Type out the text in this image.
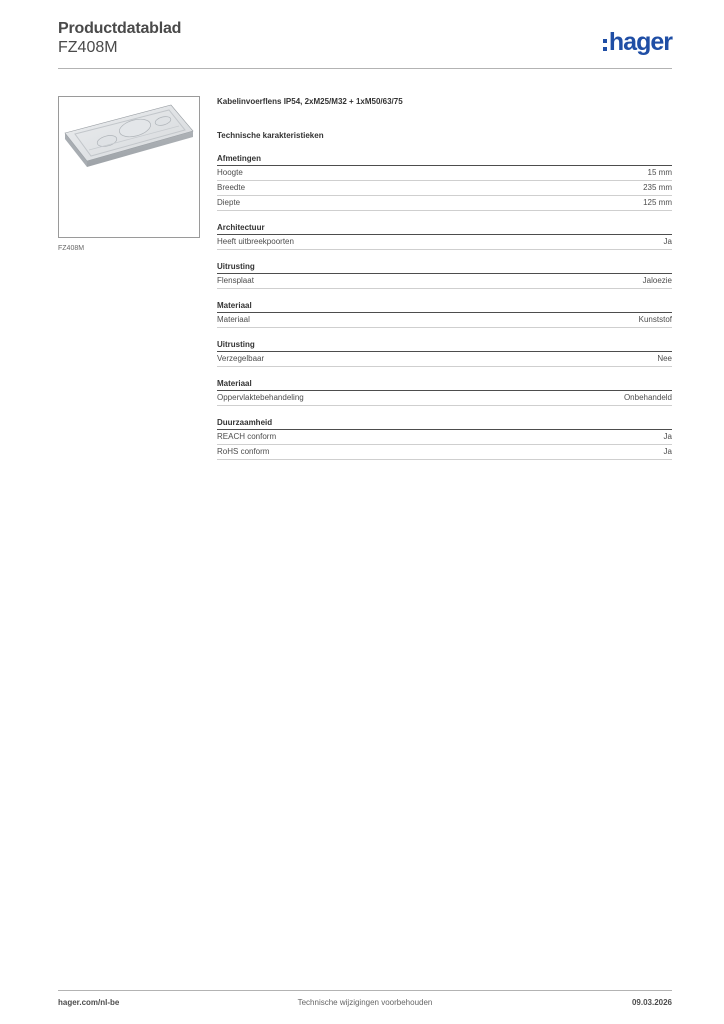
Productdatablad
FZ408M	hager
FZ408M
Kabelinvoerflens IP54, 2xM25/M32 + 1xM50/63/75
Technische karakteristieken
Afmetingen
Hoogte	15 mm
Breedte	235 mm
Diepte	125 mm
Architectuur
Heeft uitbreekpoorten	Ja
Uitrusting
Flensplaat	Jaloezie
Materiaal
Materiaal	Kunststof
Uitrusting
Verzegelbaar	Nee
Materiaal
Oppervlaktebehandeling	Onbehandeld
Duurzaamheid
REACH conform	Ja
RoHS conform	Ja
hager.com/nl-be	Technische wijzigingen voorbehouden	09.03.2026
